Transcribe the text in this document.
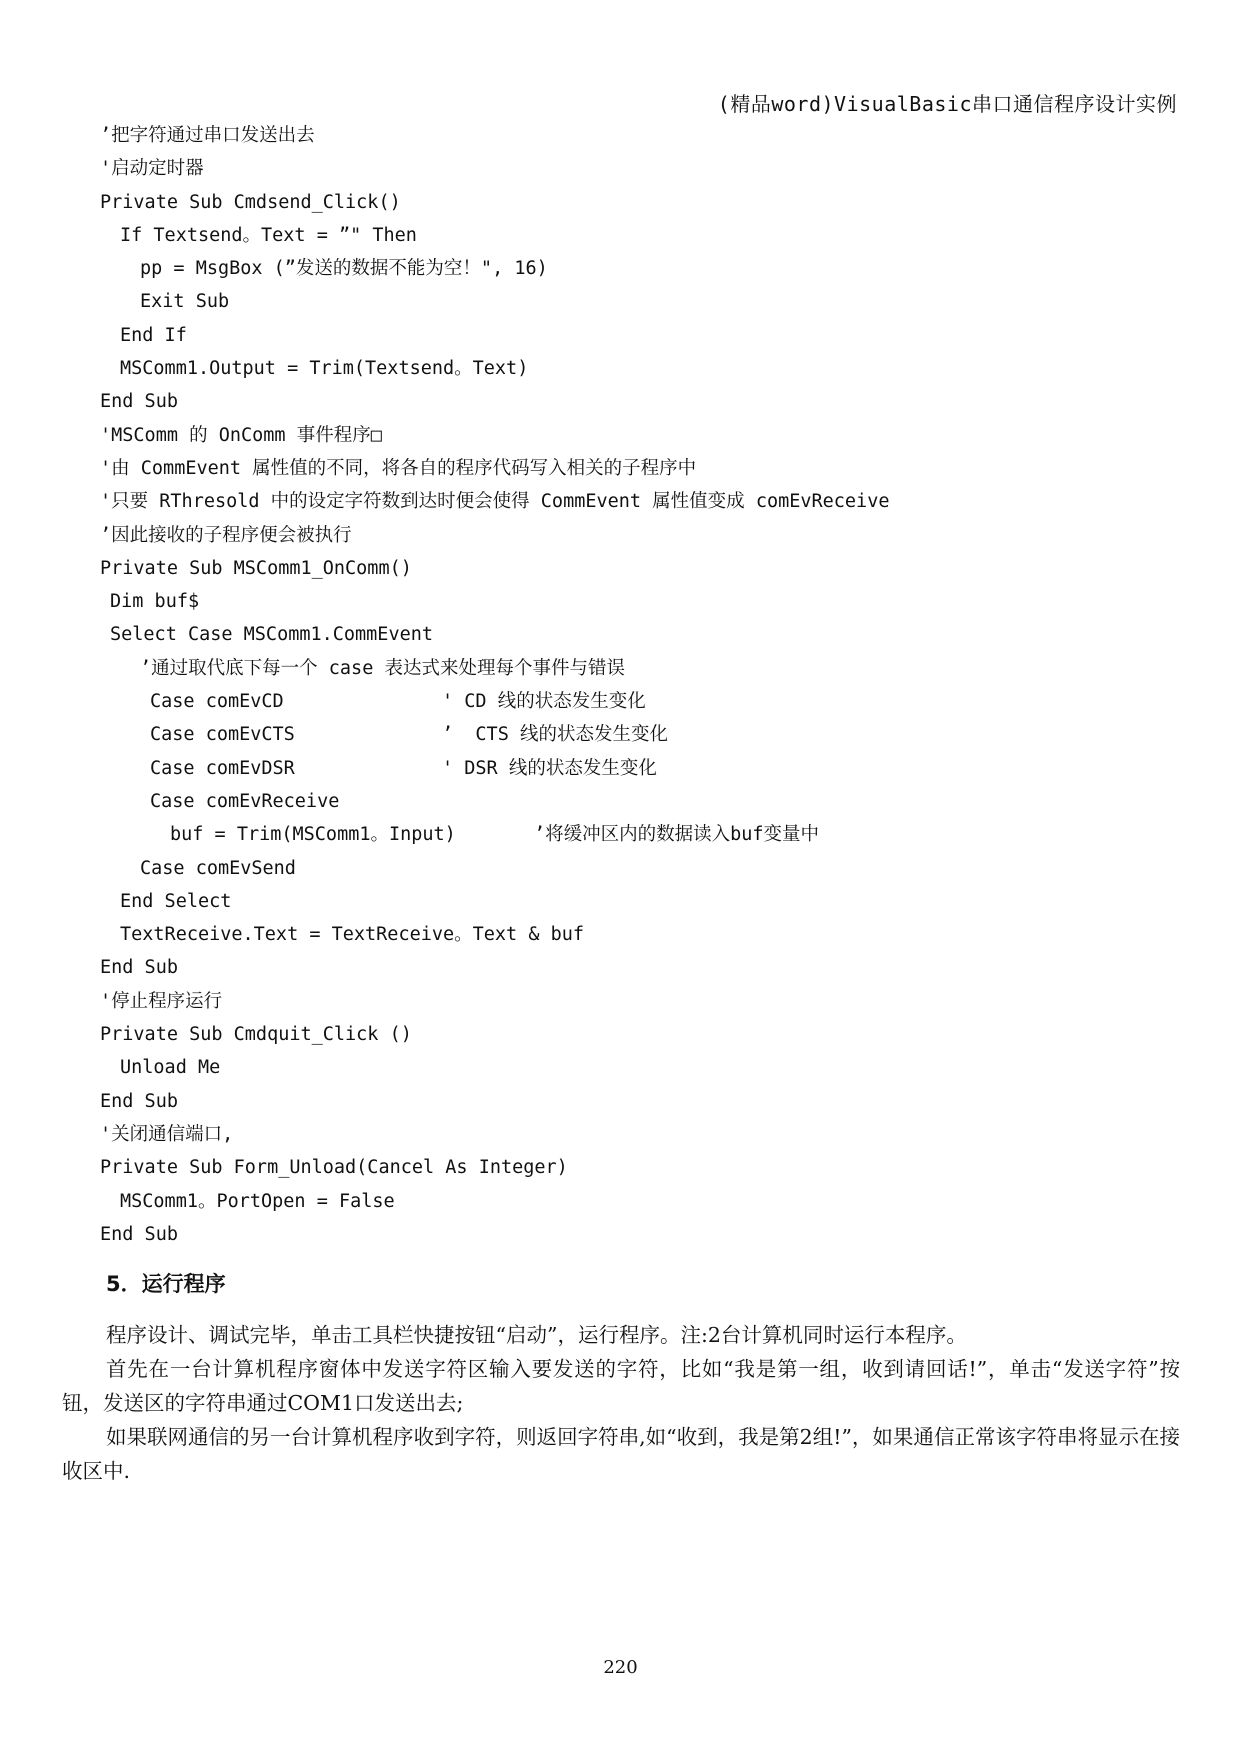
(精品word)VisualBasic串口通信程序设计实例
’把字符通过串口发送出去
'启动定时器
Private Sub Cmdsend_Click()
If Textsend。Text = ”" Then
pp = MsgBox (”发送的数据不能为空！", 16)
Exit Sub
End If
MSComm1.Output = Trim(Textsend。Text)
End Sub
'MSComm 的 OnComm 事件程序□
'由 CommEvent 属性值的不同，将各自的程序代码写入相关的子程序中
'只要 RThresold 中的设定字符数到达时便会使得 CommEvent 属性值变成 comEvReceive
’因此接收的子程序便会被执行
Private Sub MSComm1_OnComm()
Dim buf$
Select Case MSComm1.CommEvent
’通过取代底下每一个 case 表达式来处理每个事件与错误
Case comEvCD	' CD 线的状态发生变化
Case comEvCTS	’  CTS 线的状态发生变化
Case comEvDSR	' DSR 线的状态发生变化
Case comEvReceive
buf = Trim(MSComm1。Input)	’将缓冲区内的数据读入buf变量中
Case comEvSend
End Select
TextReceive.Text = TextReceive。Text & buf
End Sub
'停止程序运行
Private Sub Cmdquit_Click ()
Unload Me
End Sub
'关闭通信端口,
Private Sub Form_Unload(Cancel As Integer)
MSComm1。PortOpen = False
End Sub
5．运行程序

程序设计、调试完毕，单击工具栏快捷按钮“启动”，运行程序。注:2台计算机同时运行本程序。

首先在一台计算机程序窗体中发送字符区输入要发送的字符，比如“我是第一组，收到请回话!”，单击“发送字符”按钮，发送区的字符串通过COM1口发送出去;

如果联网通信的另一台计算机程序收到字符，则返回字符串,如“收到，我是第2组!”，如果通信正常该字符串将显示在接收区中.

220
